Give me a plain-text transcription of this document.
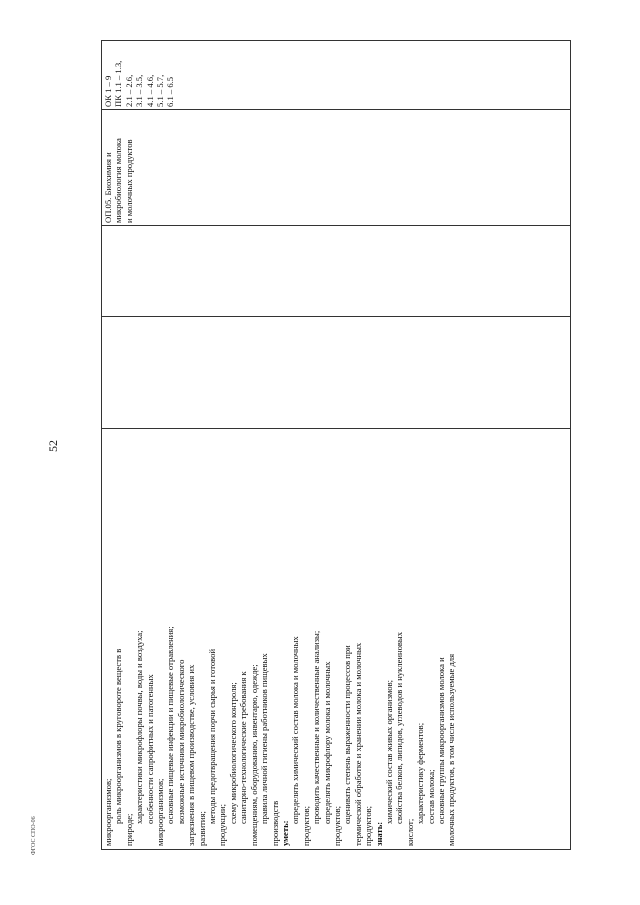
52
ФГОС СПО-06	микроорганизмов; роль микроорганизмов в круговороте веществ в
природе;
характеристики микрофлоры почвы, воды и воздуха; особенности сапрофитных и патогенных микроорганизмов; основные пищевые инфекции и пищевые отравления; возможные источники микробиологического загрязнения в пищевом производстве, условия их развития;
методы предотвращения порчи сырья и готовой
продукции;
схему микробиологического контроля; санитарно-технологические требования к помещениям, оборудованию, инвентарю, одежде; правила личной гигиены работников пищевых производств уметь:
определять химический состав молока и молочных
продуктов;
проводить качественные и количественные анализы; определять микрофлору молока и молочных
продуктов;
оценивать степень выраженности процессов при термической обработке и хранении молока и молочных продуктов; знать:
химический состав живых организмов; свойства белков, липидов, углеводов и нуклеиновых
кислот;
характеристику ферментов; состав молока; основные группы микроорганизмов молока и молочных продуктов, в том числе используемые для
ОП.05. Биохимия и микробиология молока и молочных продуктов
ОК 1 – 9 ПК 1.1 – 1.3, 2.1 – 2.6, 3.1 – 3.5, 4.1 – 4.6, 5.1 – 5.7, 6.1 – 6.5
